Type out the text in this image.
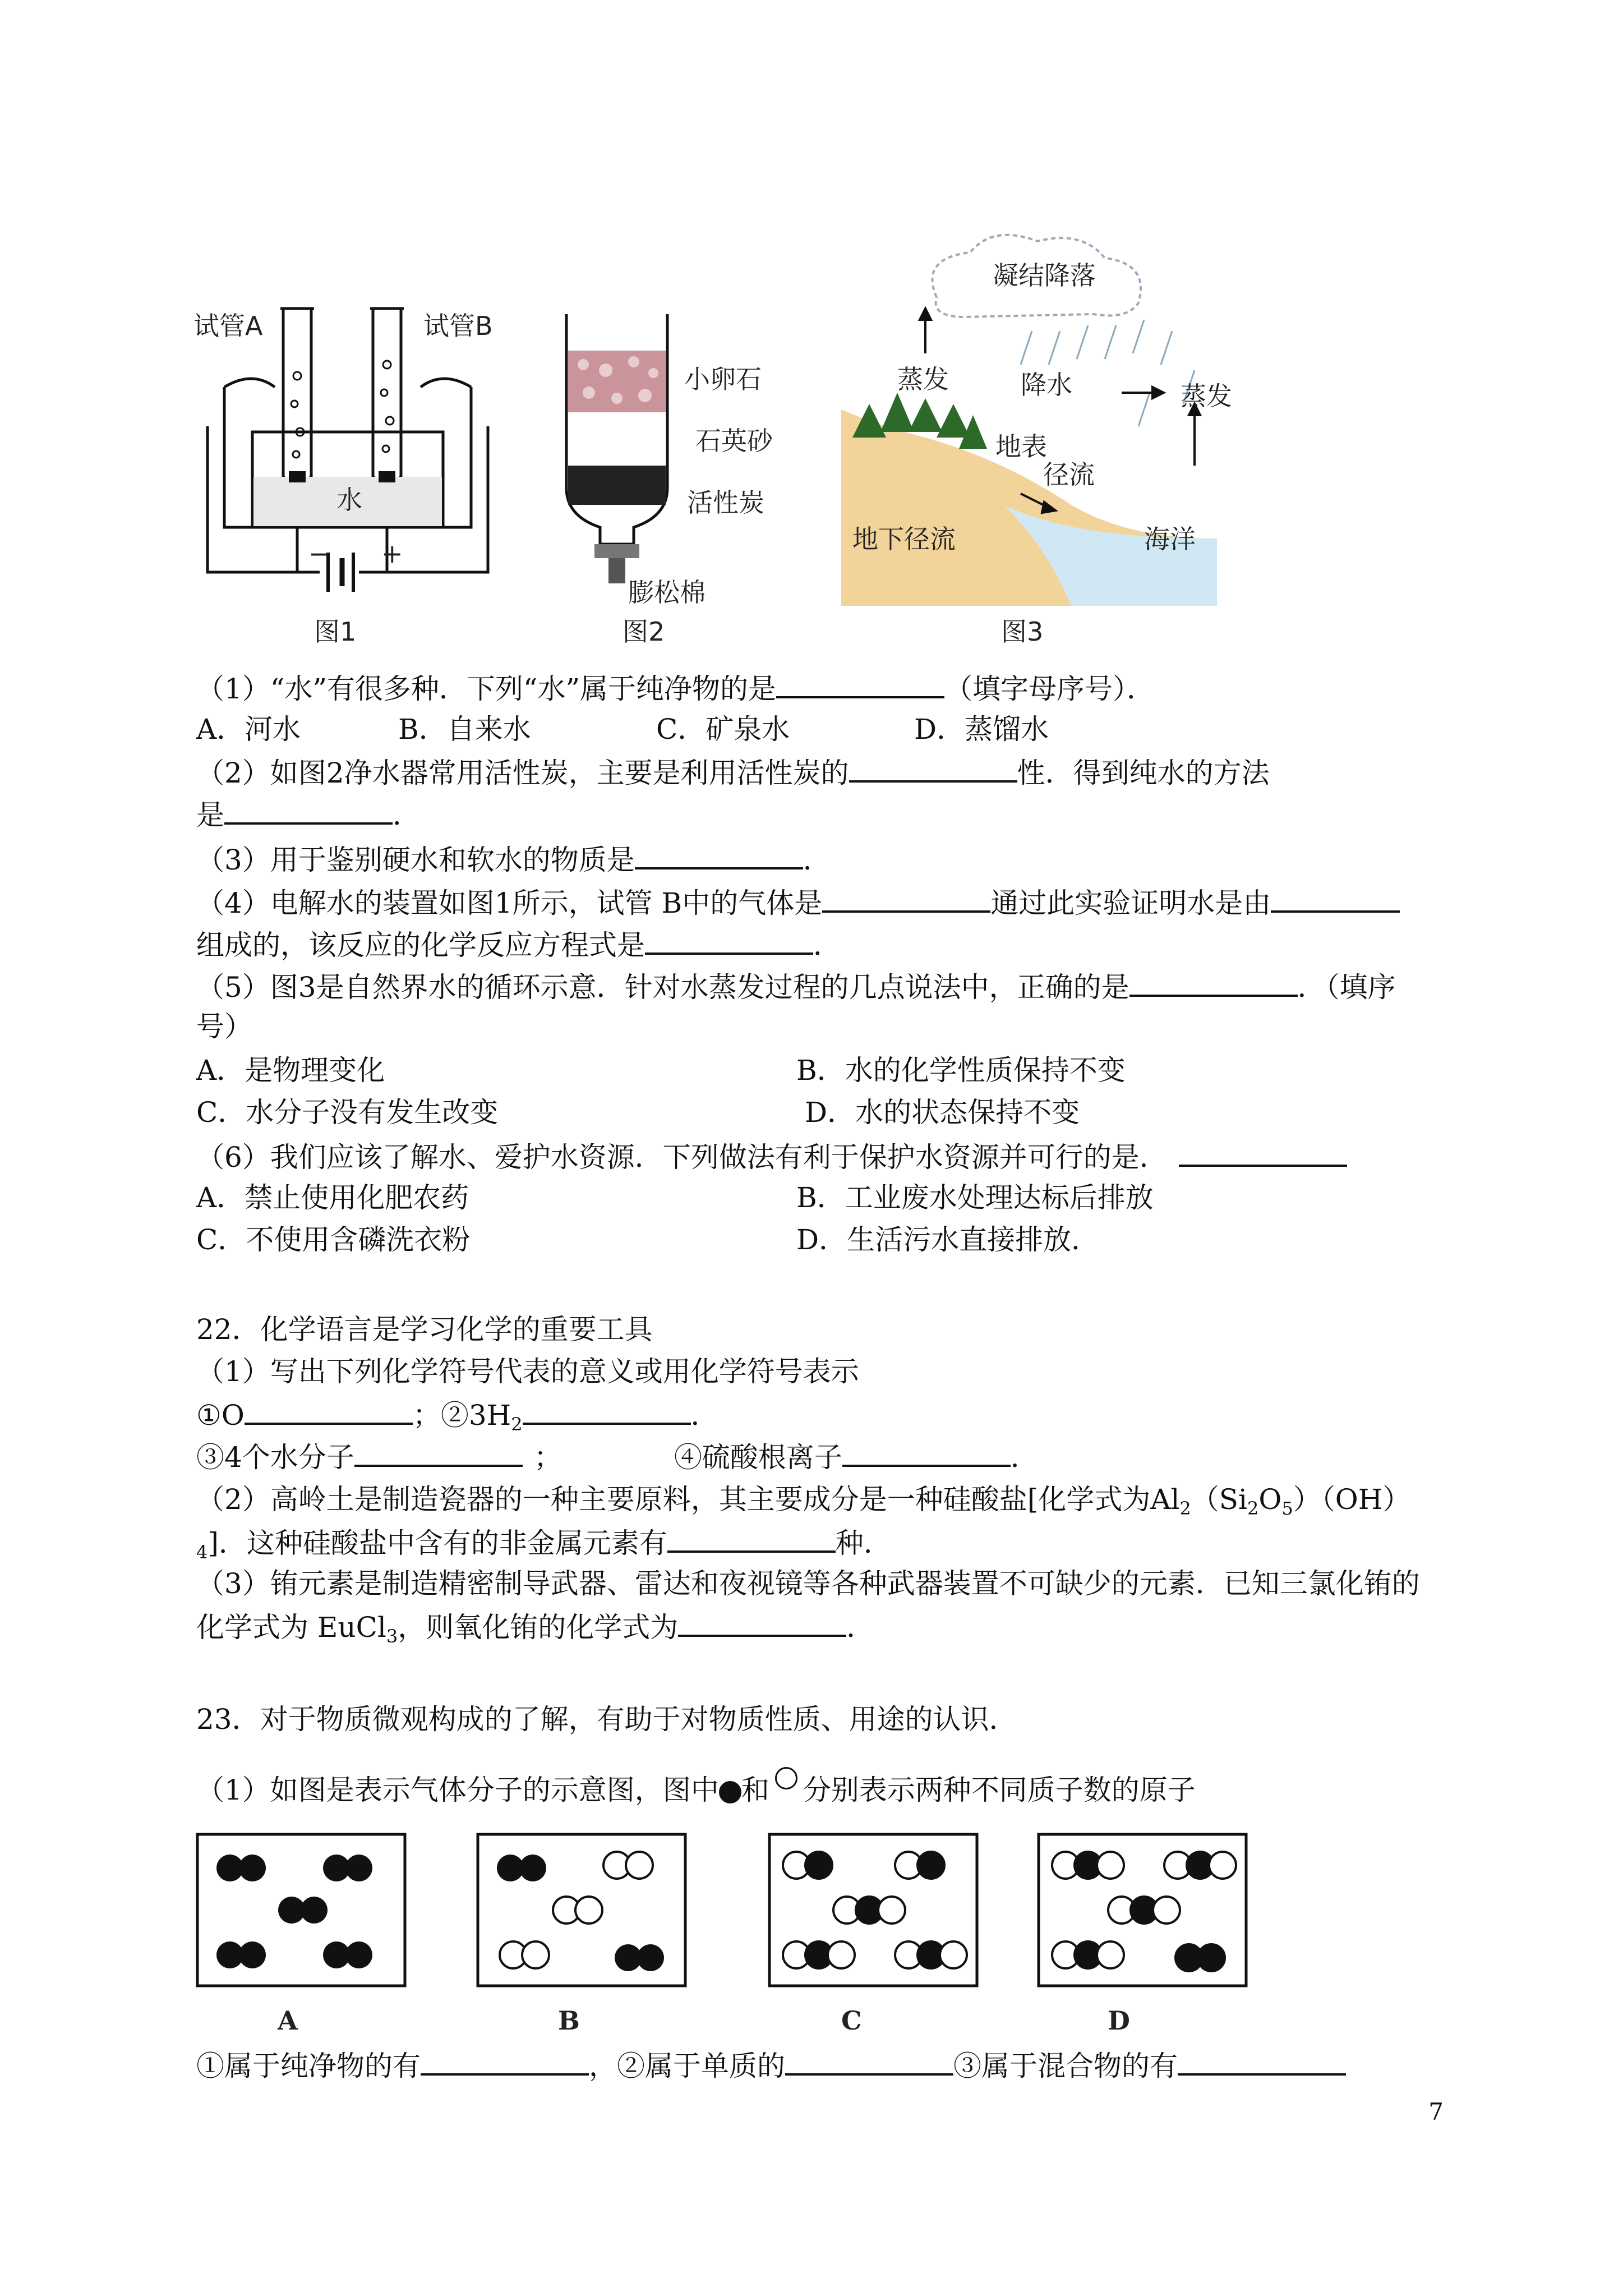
试管A	试管B
水
− +
图1
小卵石
石英砂
活性炭
膨松棉
图2
凝结降落
蒸发	降水	蒸发
地表
径流
地下径流	海洋
图3
（1）“水”有很多种．下列“水”属于纯净物的是	（填字母序号）．
A．河水	B．自来水	C．矿泉水	D．蒸馏水
（2）如图2净水器常用活性炭，主要是利用活性炭的	性．得到纯水的方法
是	．
（3）用于鉴别硬水和软水的物质是	．
（4）电解水的装置如图1所示，试管 B中的气体是	通过此实验证明水是由
组成的，该反应的化学反应方程式是	．
（5）图3是自然界水的循环示意．针对水蒸发过程的几点说法中，正确的是	．（填序
号）
A．是物理变化	B．水的化学性质保持不变
C．水分子没有发生改变	D．水的状态保持不变
（6）我们应该了解水、爱护水资源．下列做法有利于保护水资源并可行的是．
A．禁止使用化肥农药	B．工业废水处理达标后排放
C．不使用含磷洗衣粉	D．生活污水直接排放．
22．化学语言是学习化学的重要工具
（1）写出下列化学符号代表的意义或用化学符号表示
①O	；$②3H_2$	．
③4个水分子	；	④硫酸根离子	．
（2）高岭土是制造瓷器的一种主要原料，其主要成分是一种硅酸盐[化学式为$Al_2(Si_2O_5)(OH)$
$_4$]．这种硅酸盐中含有的非金属元素有	种．
（3）铕元素是制造精密制导武器、雷达和夜视镜等各种武器装置不可缺少的元素．已知三氯化铕的
化学式为 EuCl$_3$，则氧化铕的化学式为	．
23．对于物质微观构成的了解，有助于对物质性质、用途的认识．
（1）如图是表示气体分子的示意图，图中 和 分别表示两种不同质子数的原子
A	B	C	D
①属于纯净物的有	，②属于单质的	③属于混合物的有
7
